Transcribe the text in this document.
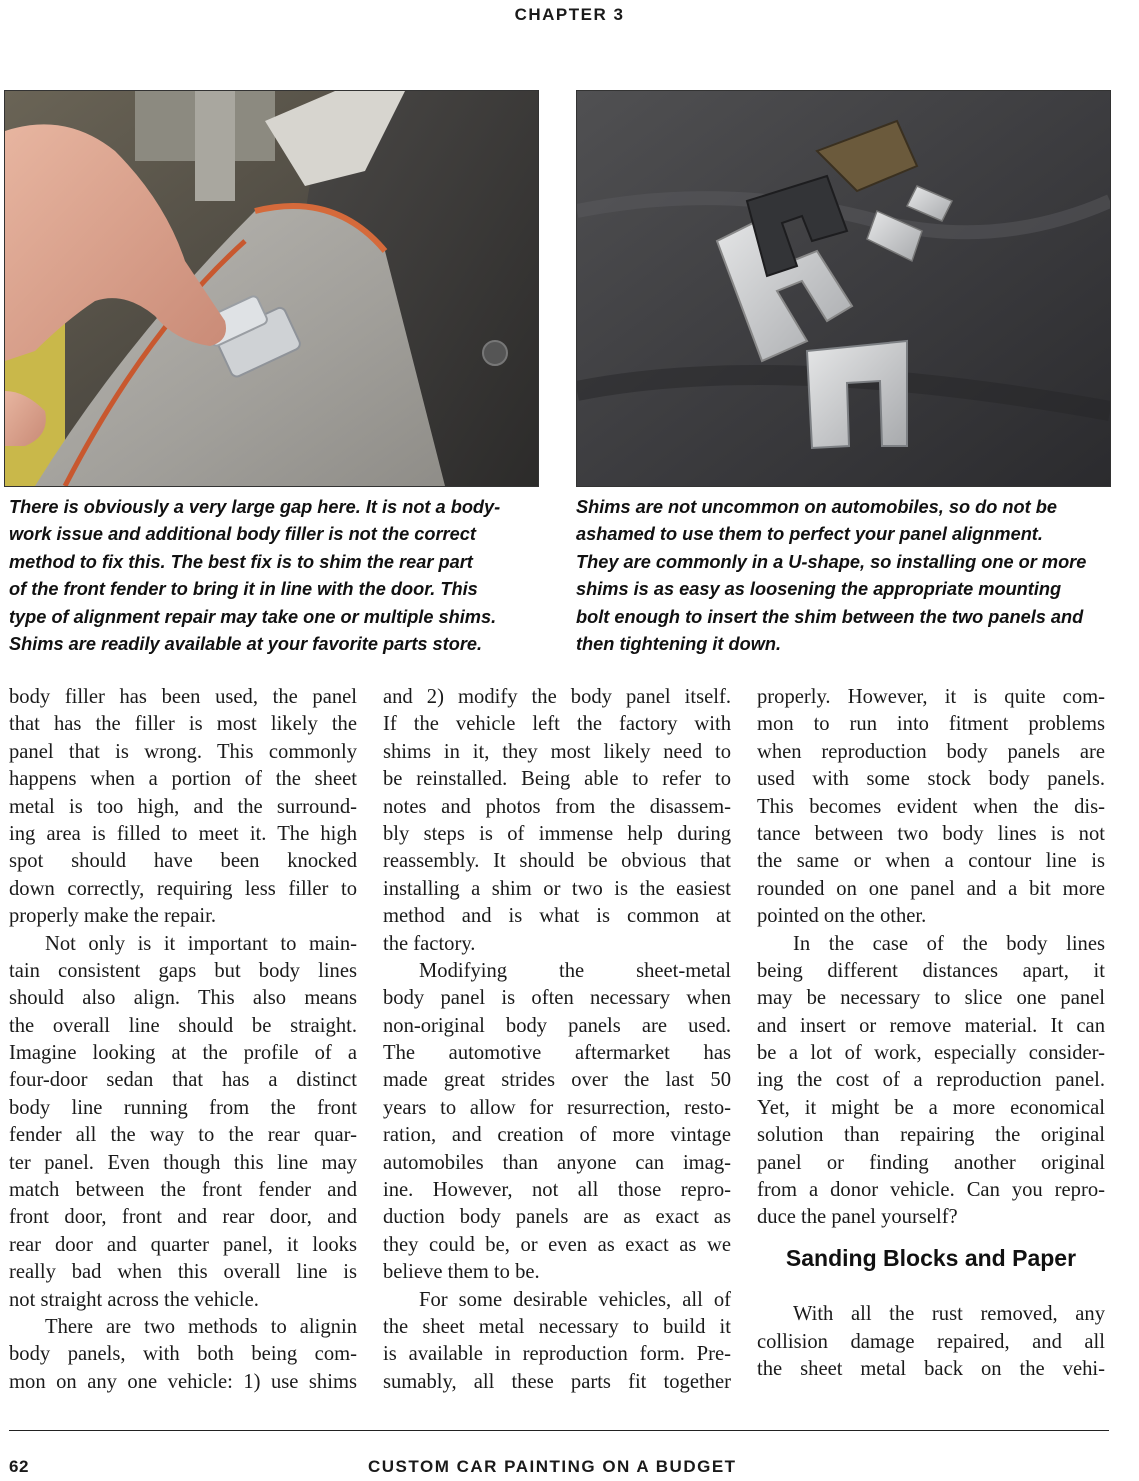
CHAPTER 3
There is obviously a very large gap here. It is not a body-
work issue and additional body filler is not the correct
method to fix this. The best fix is to shim the rear part
of the front fender to bring it in line with the door. This
type of alignment repair may take one or multiple shims.
Shims are readily available at your favorite parts store.
Shims are not uncommon on automobiles, so do not be
ashamed to use them to perfect your panel alignment.
They are commonly in a U-shape, so installing one or more
shims is as easy as loosening the appropriate mounting
bolt enough to insert the shim between the two panels and
then tightening it down.
body filler has been used, the panel
that has the filler is most likely the
panel that is wrong. This commonly
happens when a portion of the sheet
metal is too high, and the surround-
ing area is filled to meet it. The high
spot should have been knocked
down correctly, requiring less filler to
properly make the repair.
Not only is it important to main-
tain consistent gaps but body lines
should also align. This also means
the overall line should be straight.
Imagine looking at the profile of a
four-door sedan that has a distinct
body line running from the front
fender all the way to the rear quar-
ter panel. Even though this line may
match between the front fender and
front door, front and rear door, and
rear door and quarter panel, it looks
really bad when this overall line is
not straight across the vehicle.
There are two methods to alignin
body panels, with both being com-
mon on any one vehicle: 1) use shims
and 2) modify the body panel itself.
If the vehicle left the factory with
shims in it, they most likely need to
be reinstalled. Being able to refer to
notes and photos from the disassem-
bly steps is of immense help during
reassembly. It should be obvious that
installing a shim or two is the easiest
method and is what is common at
the factory.
Modifying the sheet-metal
body panel is often necessary when
non-original body panels are used.
The automotive aftermarket has
made great strides over the last 50
years to allow for resurrection, resto-
ration, and creation of more vintage
automobiles than anyone can imag-
ine. However, not all those repro-
duction body panels are as exact as
they could be, or even as exact as we
believe them to be.
For some desirable vehicles, all of
the sheet metal necessary to build it
is available in reproduction form. Pre-
sumably, all these parts fit together
properly. However, it is quite com-
mon to run into fitment problems
when reproduction body panels are
used with some stock body panels.
This becomes evident when the dis-
tance between two body lines is not
the same or when a contour line is
rounded on one panel and a bit more
pointed on the other.
In the case of the body lines
being different distances apart, it
may be necessary to slice one panel
and insert or remove material. It can
be a lot of work, especially consider-
ing the cost of a reproduction panel.
Yet, it might be a more economical
solution than repairing the original
panel or finding another original
from a donor vehicle. Can you repro-
duce the panel yourself?
Sanding Blocks and Paper
With all the rust removed, any
collision damage repaired, and all
the sheet metal back on the vehi-
62	CUSTOM CAR PAINTING ON A BUDGET
